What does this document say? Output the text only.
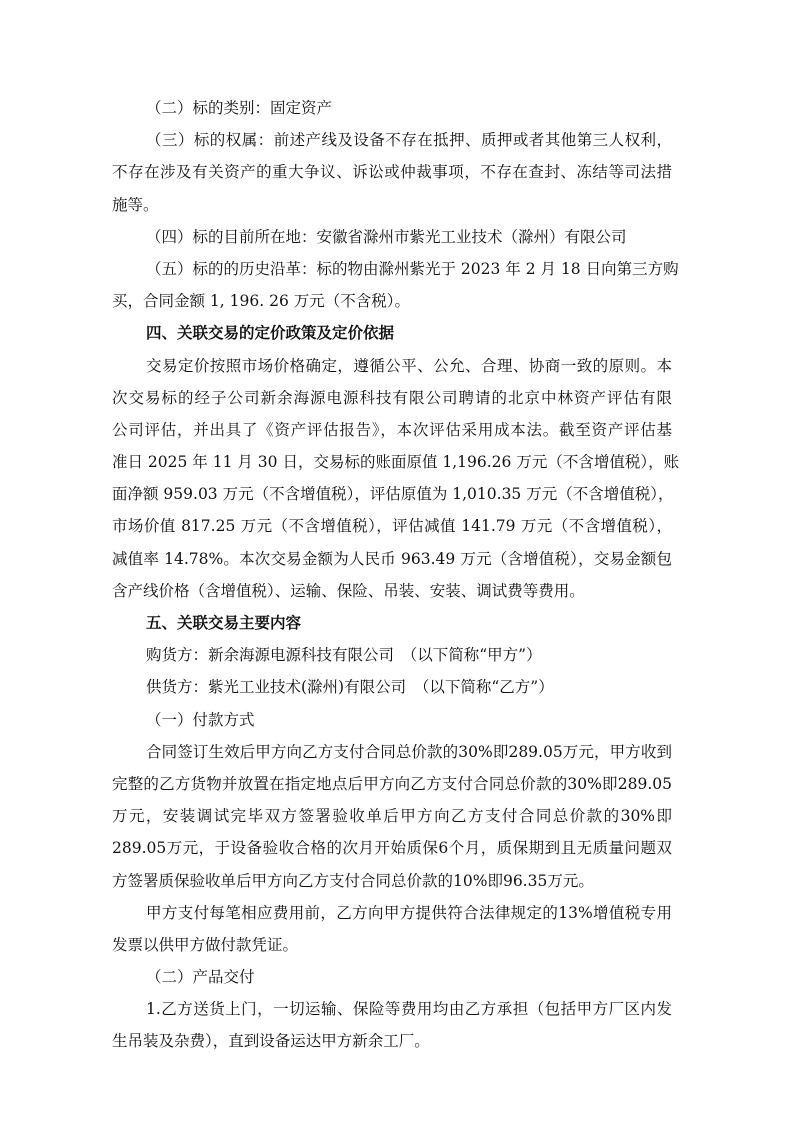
（二）标的类别：固定资产
（三）标的权属：前述产线及设备不存在抵押、质押或者其他第三人权利，
不存在涉及有关资产的重大争议、诉讼或仲裁事项，不存在查封、冻结等司法措
施等。
（四）标的目前所在地：安徽省滁州市紫光工业技术（滁州）有限公司
（五）标的的历史沿革：标的物由滁州紫光于 2023 年 2 月 18 日向第三方购
买，合同金额 1, 196. 26 万元（不含税）。
四、关联交易的定价政策及定价依据
交易定价按照市场价格确定，遵循公平、公允、合理、协商一致的原则。本
次交易标的经子公司新余海源电源科技有限公司聘请的北京中林资产评估有限
公司评估，并出具了《资产评估报告》，本次评估采用成本法。截至资产评估基
准日 2025 年 11 月 30 日，交易标的账面原值 1,196.26 万元（不含增值税），账
面净额 959.03 万元（不含增值税），评估原值为 1,010.35 万元（不含增值税），
市场价值 817.25 万元（不含增值税），评估减值 141.79 万元（不含增值税），
减值率 14.78%。本次交易金额为人民币 963.49 万元（含增值税），交易金额包
含产线价格（含增值税）、运输、保险、吊装、安装、调试费等费用。
五、关联交易主要内容
购货方：新余海源电源科技有限公司　（以下简称“甲方”）
供货方：紫光工业技术(滁州)有限公司　（以下简称“乙方”）
（一）付款方式
合同签订生效后甲方向乙方支付合同总价款的30%即289.05万元，甲方收到
完整的乙方货物并放置在指定地点后甲方向乙方支付合同总价款的30%即289.05
万元，安装调试完毕双方签署验收单后甲方向乙方支付合同总价款的30%即
289.05万元，于设备验收合格的次月开始质保6个月，质保期到且无质量问题双
方签署质保验收单后甲方向乙方支付合同总价款的10%即96.35万元。
甲方支付每笔相应费用前，乙方向甲方提供符合法律规定的13%增值税专用
发票以供甲方做付款凭证。
（二）产品交付
1.乙方送货上门，一切运输、保险等费用均由乙方承担（包括甲方厂区内发
生吊装及杂费），直到设备运达甲方新余工厂。
